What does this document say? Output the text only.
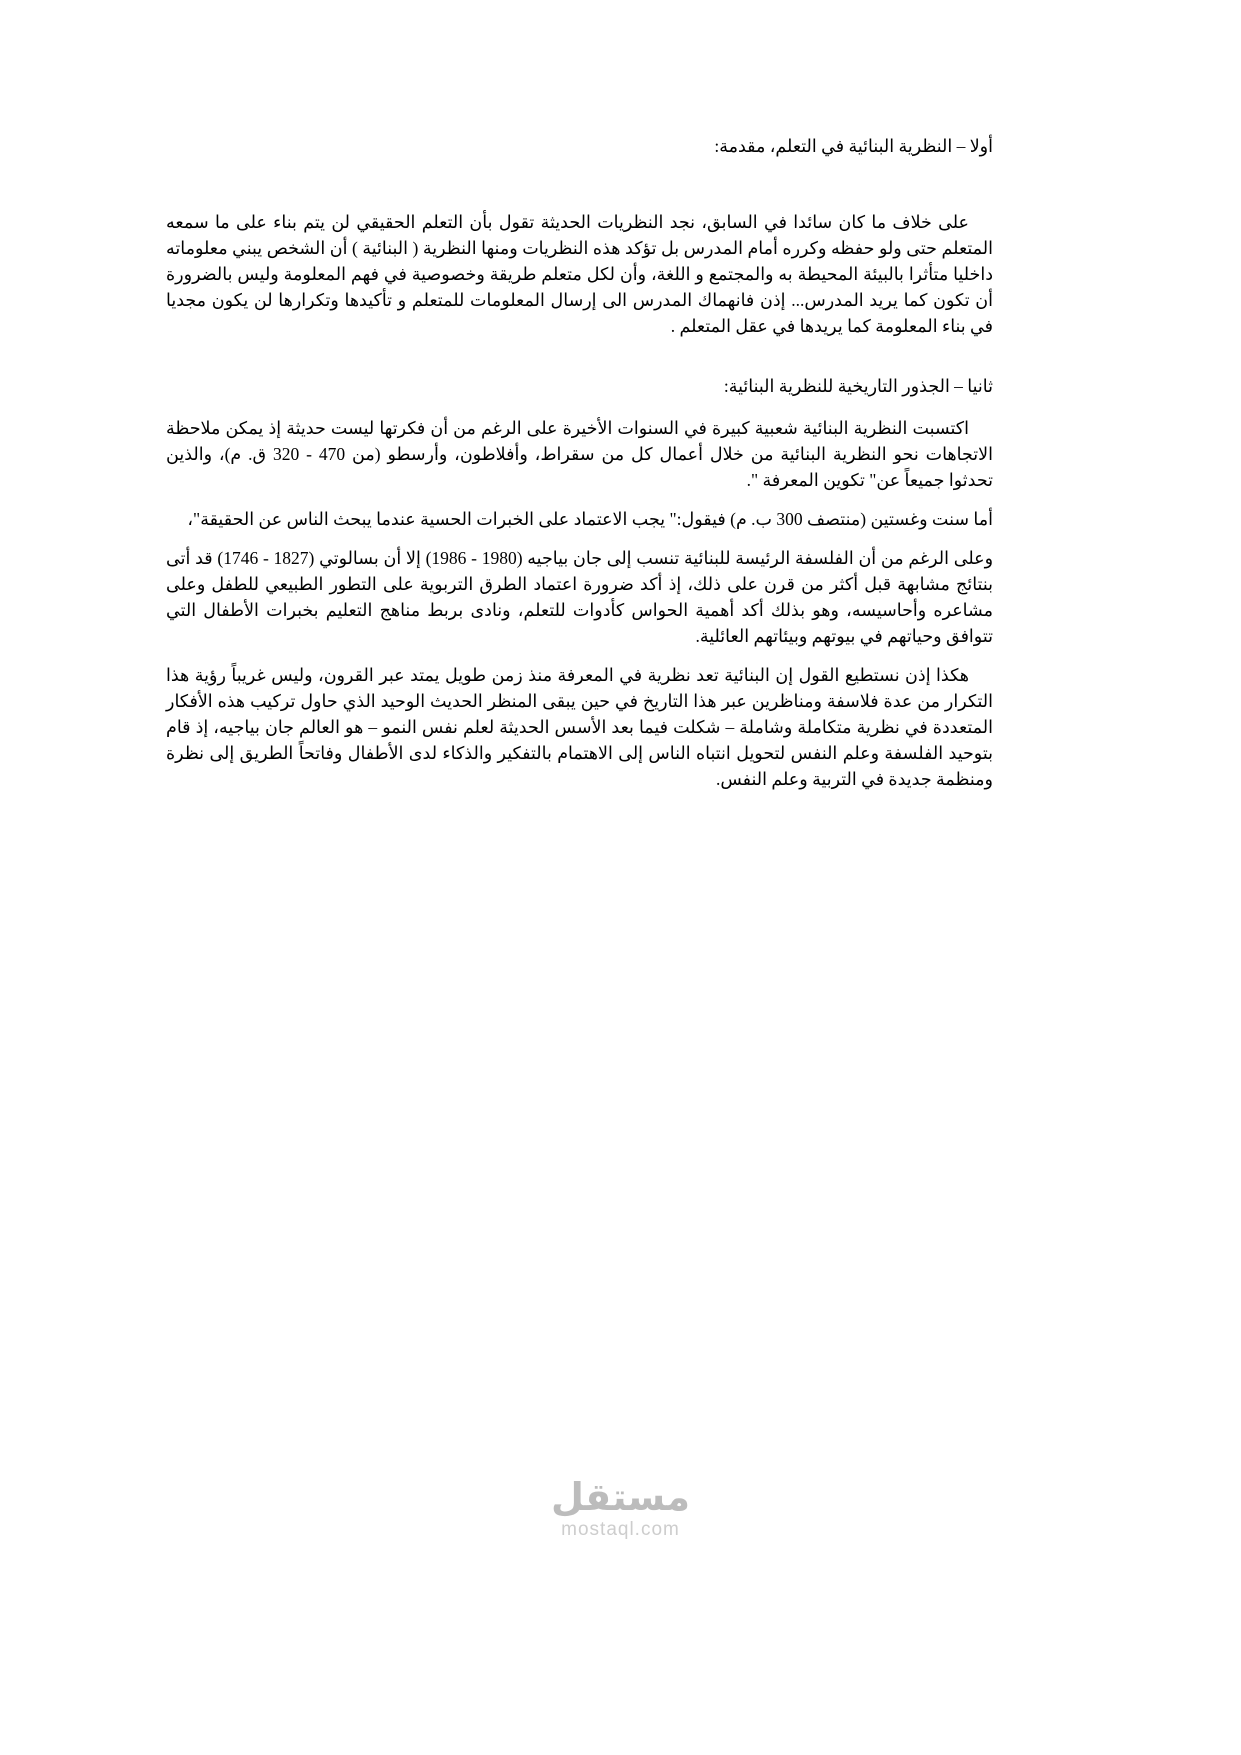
أولا – النظرية البنائية في التعلم، مقدمة:

على خلاف ما كان سائدا في السابق، نجد النظريات الحديثة تقول بأن التعلم الحقيقي لن يتم بناء على ما سمعه المتعلم حتى ولو حفظه وكرره أمام المدرس بل تؤكد هذه النظريات ومنها النظرية ( البنائية ) أن الشخص يبني معلوماته داخليا متأثرا بالبيئة المحيطة به والمجتمع و اللغة، وأن لكل متعلم طريقة وخصوصية في فهم المعلومة وليس بالضرورة أن تكون كما يريد المدرس... إذن فانهماك المدرس الى إرسال المعلومات للمتعلم و تأكيدها وتكرارها لن يكون مجديا في بناء المعلومة كما يريدها في عقل المتعلم .

ثانيا – الجذور التاريخية للنظرية البنائية:

اكتسبت النظرية البنائية شعبية كبيرة في السنوات الأخيرة على الرغم من أن فكرتها ليست حديثة إذ يمكن ملاحظة الاتجاهات نحو النظرية البنائية من خلال أعمال كل من سقراط، وأفلاطون، وأرسطو (من ‪320 - 470‬ ق. م)، والذين تحدثوا جميعاً عن" تكوين المعرفة ".

أما سنت وغستين (منتصف 300 ب. م) فيقول:" يجب الاعتماد على الخبرات الحسية عندما يبحث الناس عن الحقيقة"،

وعلى الرغم من أن الفلسفة الرئيسة للبنائية تنسب إلى جان بياجيه ‪(1986 - 1980)‬ إلا أن بسالوتي ‪(1746 - 1827)‬ قد أتى بنتائج مشابهة قبل أكثر من قرن على ذلك، إذ أكد ضرورة اعتماد الطرق التربوية على التطور الطبيعي للطفل وعلى مشاعره وأحاسيسه، وهو بذلك أكد أهمية الحواس كأدوات للتعلم، ونادى بربط مناهج التعليم بخبرات الأطفال التي تتوافق وحياتهم في بيوتهم وبيئاتهم العائلية.

هكذا إذن نستطيع القول إن البنائية تعد نظرية في المعرفة منذ زمن طويل يمتد عبر القرون، وليس غريباً رؤية هذا التكرار من عدة فلاسفة ومناظرين عبر هذا التاريخ في حين يبقى المنظر الحديث الوحيد الذي حاول تركيب هذه الأفكار المتعددة في نظرية متكاملة وشاملة – شكلت فيما بعد الأسس الحديثة لعلم نفس النمو – هو العالم جان بياجيه، إذ قام بتوحيد الفلسفة وعلم النفس لتحويل انتباه الناس إلى الاهتمام بالتفكير والذكاء لدى الأطفال وفاتحاً الطريق إلى نظرة ومنظمة جديدة في التربية وعلم النفس.

مستقل
mostaql.com
